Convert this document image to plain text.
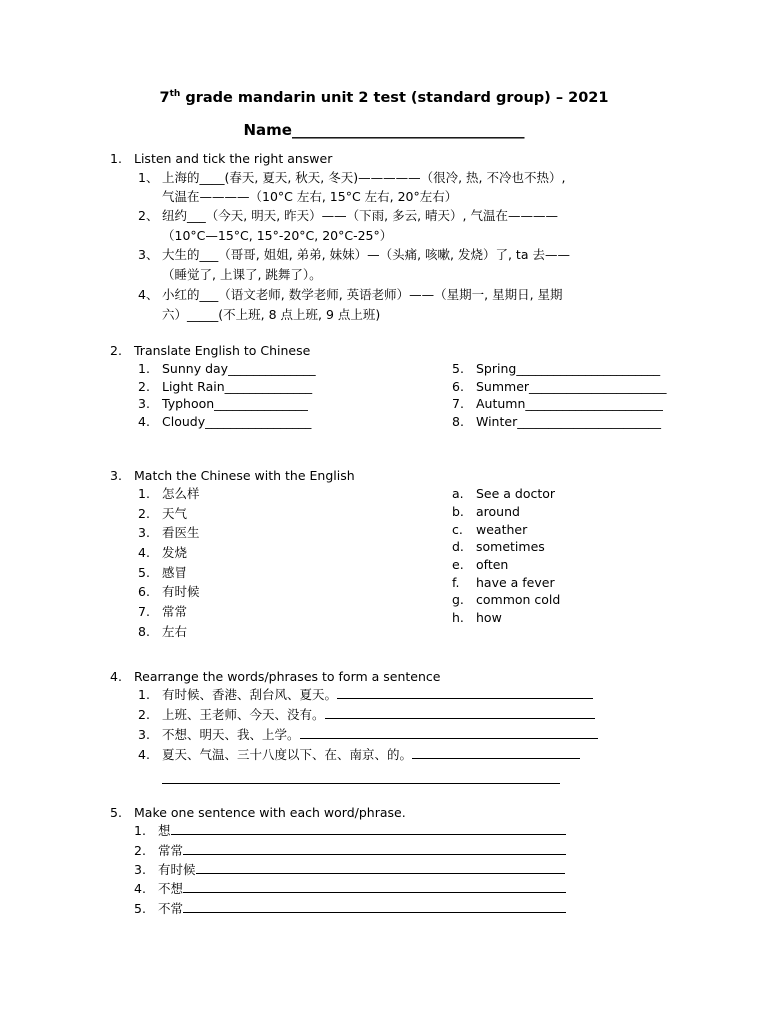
7th grade mandarin unit 2 test (standard group) – 2021
Name_______________________________
1. Listen and tick the right answer
1、 上海的____(春天, 夏天, 秋天, 冬天)—————（很冷, 热, 不冷也不热）,
气温在————（10°C 左右, 15°C 左右, 20°左右）
2、 纽约___（今天, 明天, 昨天）——（下雨, 多云, 晴天）, 气温在————
（10°C—15°C, 15°-20°C, 20°C-25°）
3、 大生的___（哥哥, 姐姐, 弟弟, 妹妹）—（头痛, 咳嗽, 发烧）了, ta 去——
（睡觉了, 上课了, 跳舞了）。
4、 小红的___（语文老师, 数学老师, 英语老师）——（星期一, 星期日, 星期
六）_____(不上班, 8 点上班, 9 点上班)
2. Translate English to Chinese
1. Sunny day______________
2. Light Rain______________
3. Typhoon_______________
4. Cloudy_________________
5. Spring_______________________
6. Summer______________________
7. Autumn______________________
8. Winter_______________________
3. Match the Chinese with the English
1. 怎么样
2. 天气
3. 看医生
4. 发烧
5. 感冒
6. 有时候
7. 常常
8. 左右
a. See a doctor
b. around
c. weather
d. sometimes
e. often
f. have a fever
g. common cold
h. how
4. Rearrange the words/phrases to form a sentence
1. 有时候、香港、刮台风、夏天。
2. 上班、王老师、今天、没有。
3. 不想、明天、我、上学。
4. 夏天、气温、三十八度以下、在、南京、的。
5. Make one sentence with each word/phrase.
1. 想
2. 常常
3. 有时候
4. 不想
5. 不常
